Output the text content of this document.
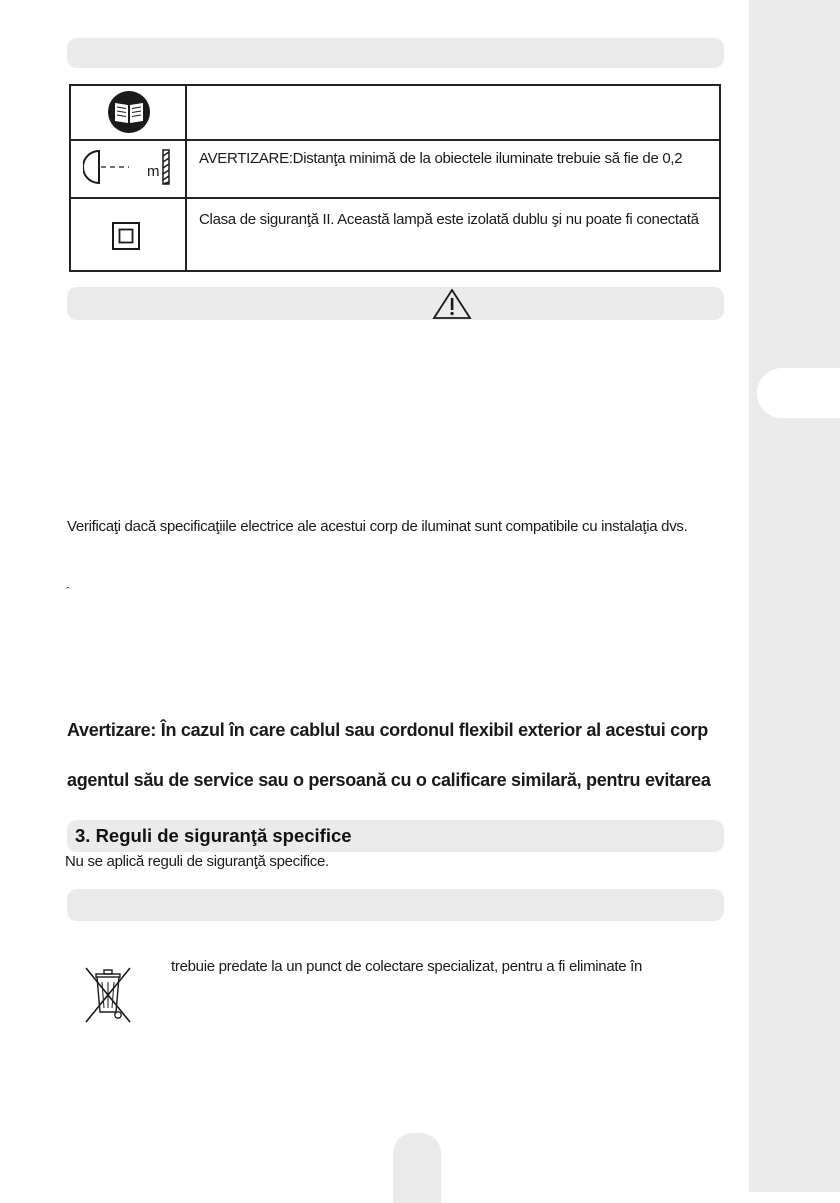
m
AVERTIZARE:Distanţa minimă de la obiectele iluminate trebuie să fie de 0,2
Clasa de siguranţă II. Această lampă este izolată dublu şi nu poate fi conectată
Verificaţi dacă specificaţiile electrice ale acestui corp de iluminat sunt compatibile cu instalaţia dvs.
ˆ
Avertizare: În cazul în care cablul sau cordonul flexibil exterior al acestui corp
agentul său de service sau o persoană cu o calificare similară, pentru evitarea
3. Reguli de siguranţă specifice
Nu se aplică reguli de siguranţă specifice.
trebuie predate la un punct de colectare specializat, pentru a fi eliminate în
